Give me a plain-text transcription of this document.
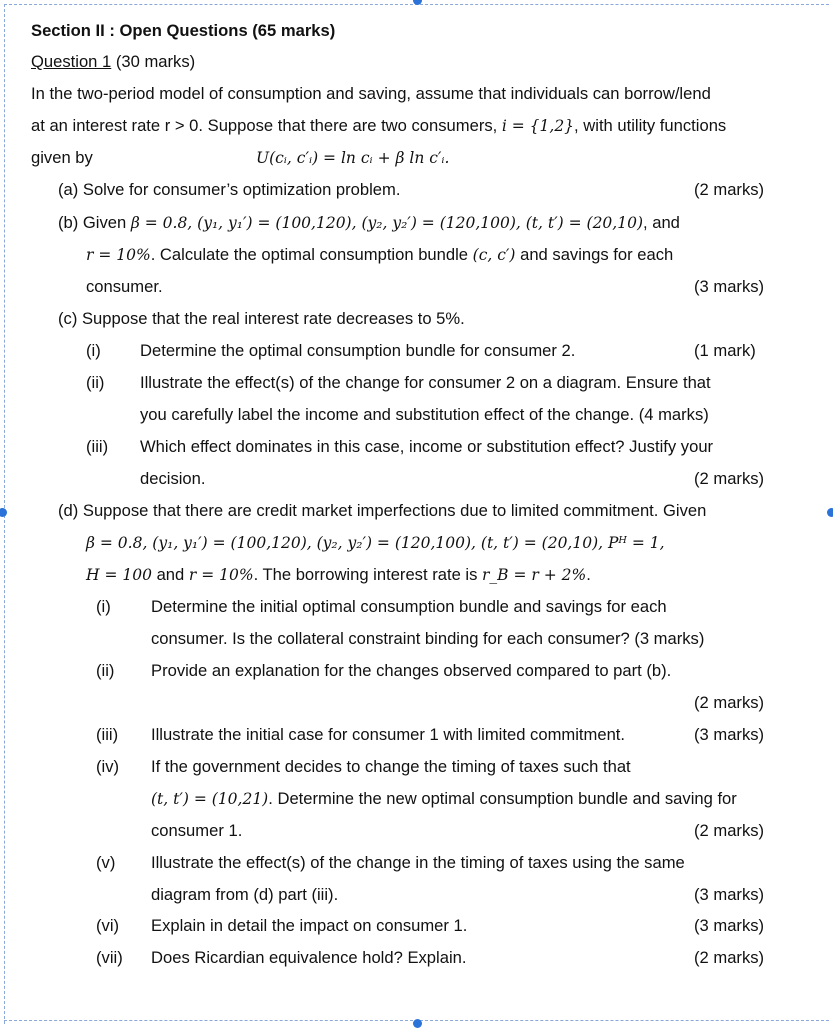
Section II : Open Questions (65 marks)
Question 1 (30 marks)
In the two-period model of consumption and saving, assume that individuals can borrow/lend
at an interest rate r > 0. Suppose that there are two consumers, i = {1,2}, with utility functions
given by	U(cᵢ, c′ᵢ) = ln cᵢ + β ln c′ᵢ.
(a) Solve for consumer’s optimization problem.	(2 marks)
(b) Given β = 0.8, (y₁, y₁′) = (100,120), (y₂, y₂′) = (120,100), (t, t′) = (20,10), and
r = 10%. Calculate the optimal consumption bundle (c, c′) and savings for each
consumer.	(3 marks)
(c) Suppose that the real interest rate decreases to 5%.
(i) Determine the optimal consumption bundle for consumer 2.	(1 mark)
(ii) Illustrate the effect(s) of the change for consumer 2 on a diagram. Ensure that
you carefully label the income and substitution effect of the change. (4 marks)
(iii) Which effect dominates in this case, income or substitution effect? Justify your
decision.	(2 marks)
(d) Suppose that there are credit market imperfections due to limited commitment. Given
β = 0.8, (y₁, y₁′) = (100,120), (y₂, y₂′) = (120,100), (t, t′) = (20,10), Pᴴ = 1,
H = 100 and r = 10%. The borrowing interest rate is r_B = r + 2%.
(i) Determine the initial optimal consumption bundle and savings for each
consumer. Is the collateral constraint binding for each consumer? (3 marks)
(ii) Provide an explanation for the changes observed compared to part (b).
(2 marks)
(iii) Illustrate the initial case for consumer 1 with limited commitment.	(3 marks)
(iv) If the government decides to change the timing of taxes such that
(t, t′) = (10,21). Determine the new optimal consumption bundle and saving for
consumer 1.	(2 marks)
(v) Illustrate the effect(s) of the change in the timing of taxes using the same
diagram from (d) part (iii).	(3 marks)
(vi) Explain in detail the impact on consumer 1.	(3 marks)
(vii) Does Ricardian equivalence hold? Explain.	(2 marks)
